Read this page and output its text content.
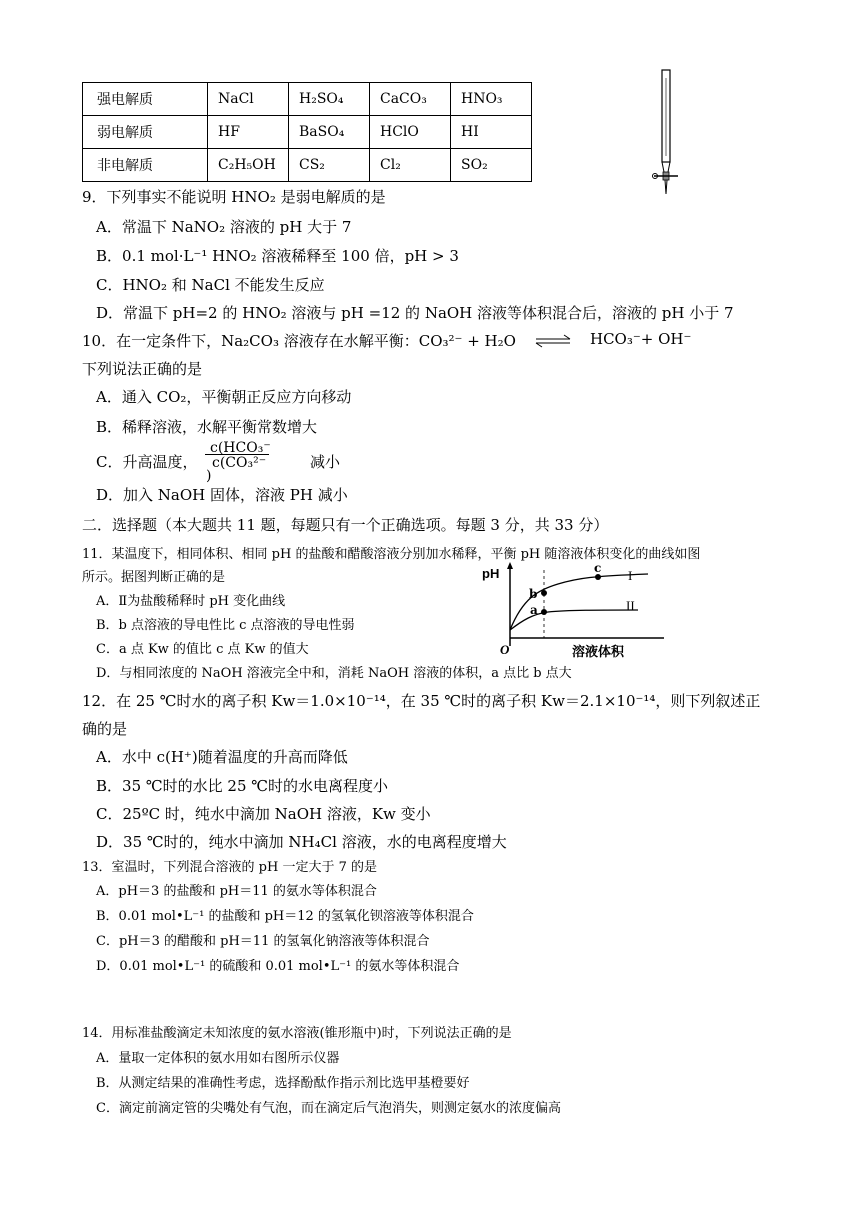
强电解质	NaCl	H₂SO₄	CaCO₃	HNO₃
弱电解质	HF	BaSO₄	HClO	HI
非电解质	C₂H₅OH	CS₂	Cl₂	SO₂
9．下列事实不能说明 HNO₂ 是弱电解质的是
A．常温下 NaNO₂ 溶液的 pH 大于 7
B．0.1 mol·L⁻¹ HNO₂ 溶液稀释至 100 倍，pH > 3
C．HNO₂ 和 NaCl 不能发生反应
D．常温下 pH=2 的 HNO₂ 溶液与 pH =12 的 NaOH 溶液等体积混合后，溶液的 pH 小于 7
10．在一定条件下，Na₂CO₃ 溶液存在水解平衡：CO₃²⁻ + H₂O ⇌ HCO₃⁻+ OH⁻
下列说法正确的是
A．通入 CO₂，平衡朝正反应方向移动
B．稀释溶液，水解平衡常数增大
C．升高温度，
c(HCO₃⁻
c(CO₃²⁻
)
减小
D．加入 NaOH 固体，溶液 PH 减小
二．选择题（本大题共 11 题，每题只有一个正确选项。每题 3 分，共 33 分）
11．某温度下，相同体积、相同 pH 的盐酸和醋酸溶液分别加水稀释，平衡 pH 随溶液体积变化的曲线如图
所示。据图判断正确的是
A．Ⅱ为盐酸稀释时 pH 变化曲线
B．b 点溶液的导电性比 c 点溶液的导电性弱
C．a 点 Kw 的值比 c 点 Kw 的值大
D．与相同浓度的 NaOH 溶液完全中和，消耗 NaOH 溶液的体积，a 点比 b 点大
pH
O	溶液体积
I
II
b
a
c
12．在 25 ℃时水的离子积 Kw＝1.0×10⁻¹⁴，在 35 ℃时的离子积 Kw＝2.1×10⁻¹⁴，则下列叙述正
确的是
A．水中 c(H⁺)随着温度的升高而降低
B．35 ℃时的水比 25 ℃时的水电离程度小
C．25ºC 时，纯水中滴加 NaOH 溶液，Kw 变小
D．35 ℃时的，纯水中滴加 NH₄Cl 溶液，水的电离程度增大
13．室温时，下列混合溶液的 pH 一定大于 7 的是
A．pH＝3 的盐酸和 pH＝11 的氨水等体积混合
B．0.01 mol•L⁻¹ 的盐酸和 pH＝12 的氢氧化钡溶液等体积混合
C．pH＝3 的醋酸和 pH＝11 的氢氧化钠溶液等体积混合
D．0.01 mol•L⁻¹ 的硫酸和 0.01 mol•L⁻¹ 的氨水等体积混合
14．用标准盐酸滴定未知浓度的氨水溶液(锥形瓶中)时，下列说法正确的是
A．量取一定体积的氨水用如右图所示仪器
B．从测定结果的准确性考虑，选择酚酞作指示剂比选甲基橙要好
C．滴定前滴定管的尖嘴处有气泡，而在滴定后气泡消失，则测定氨水的浓度偏高
